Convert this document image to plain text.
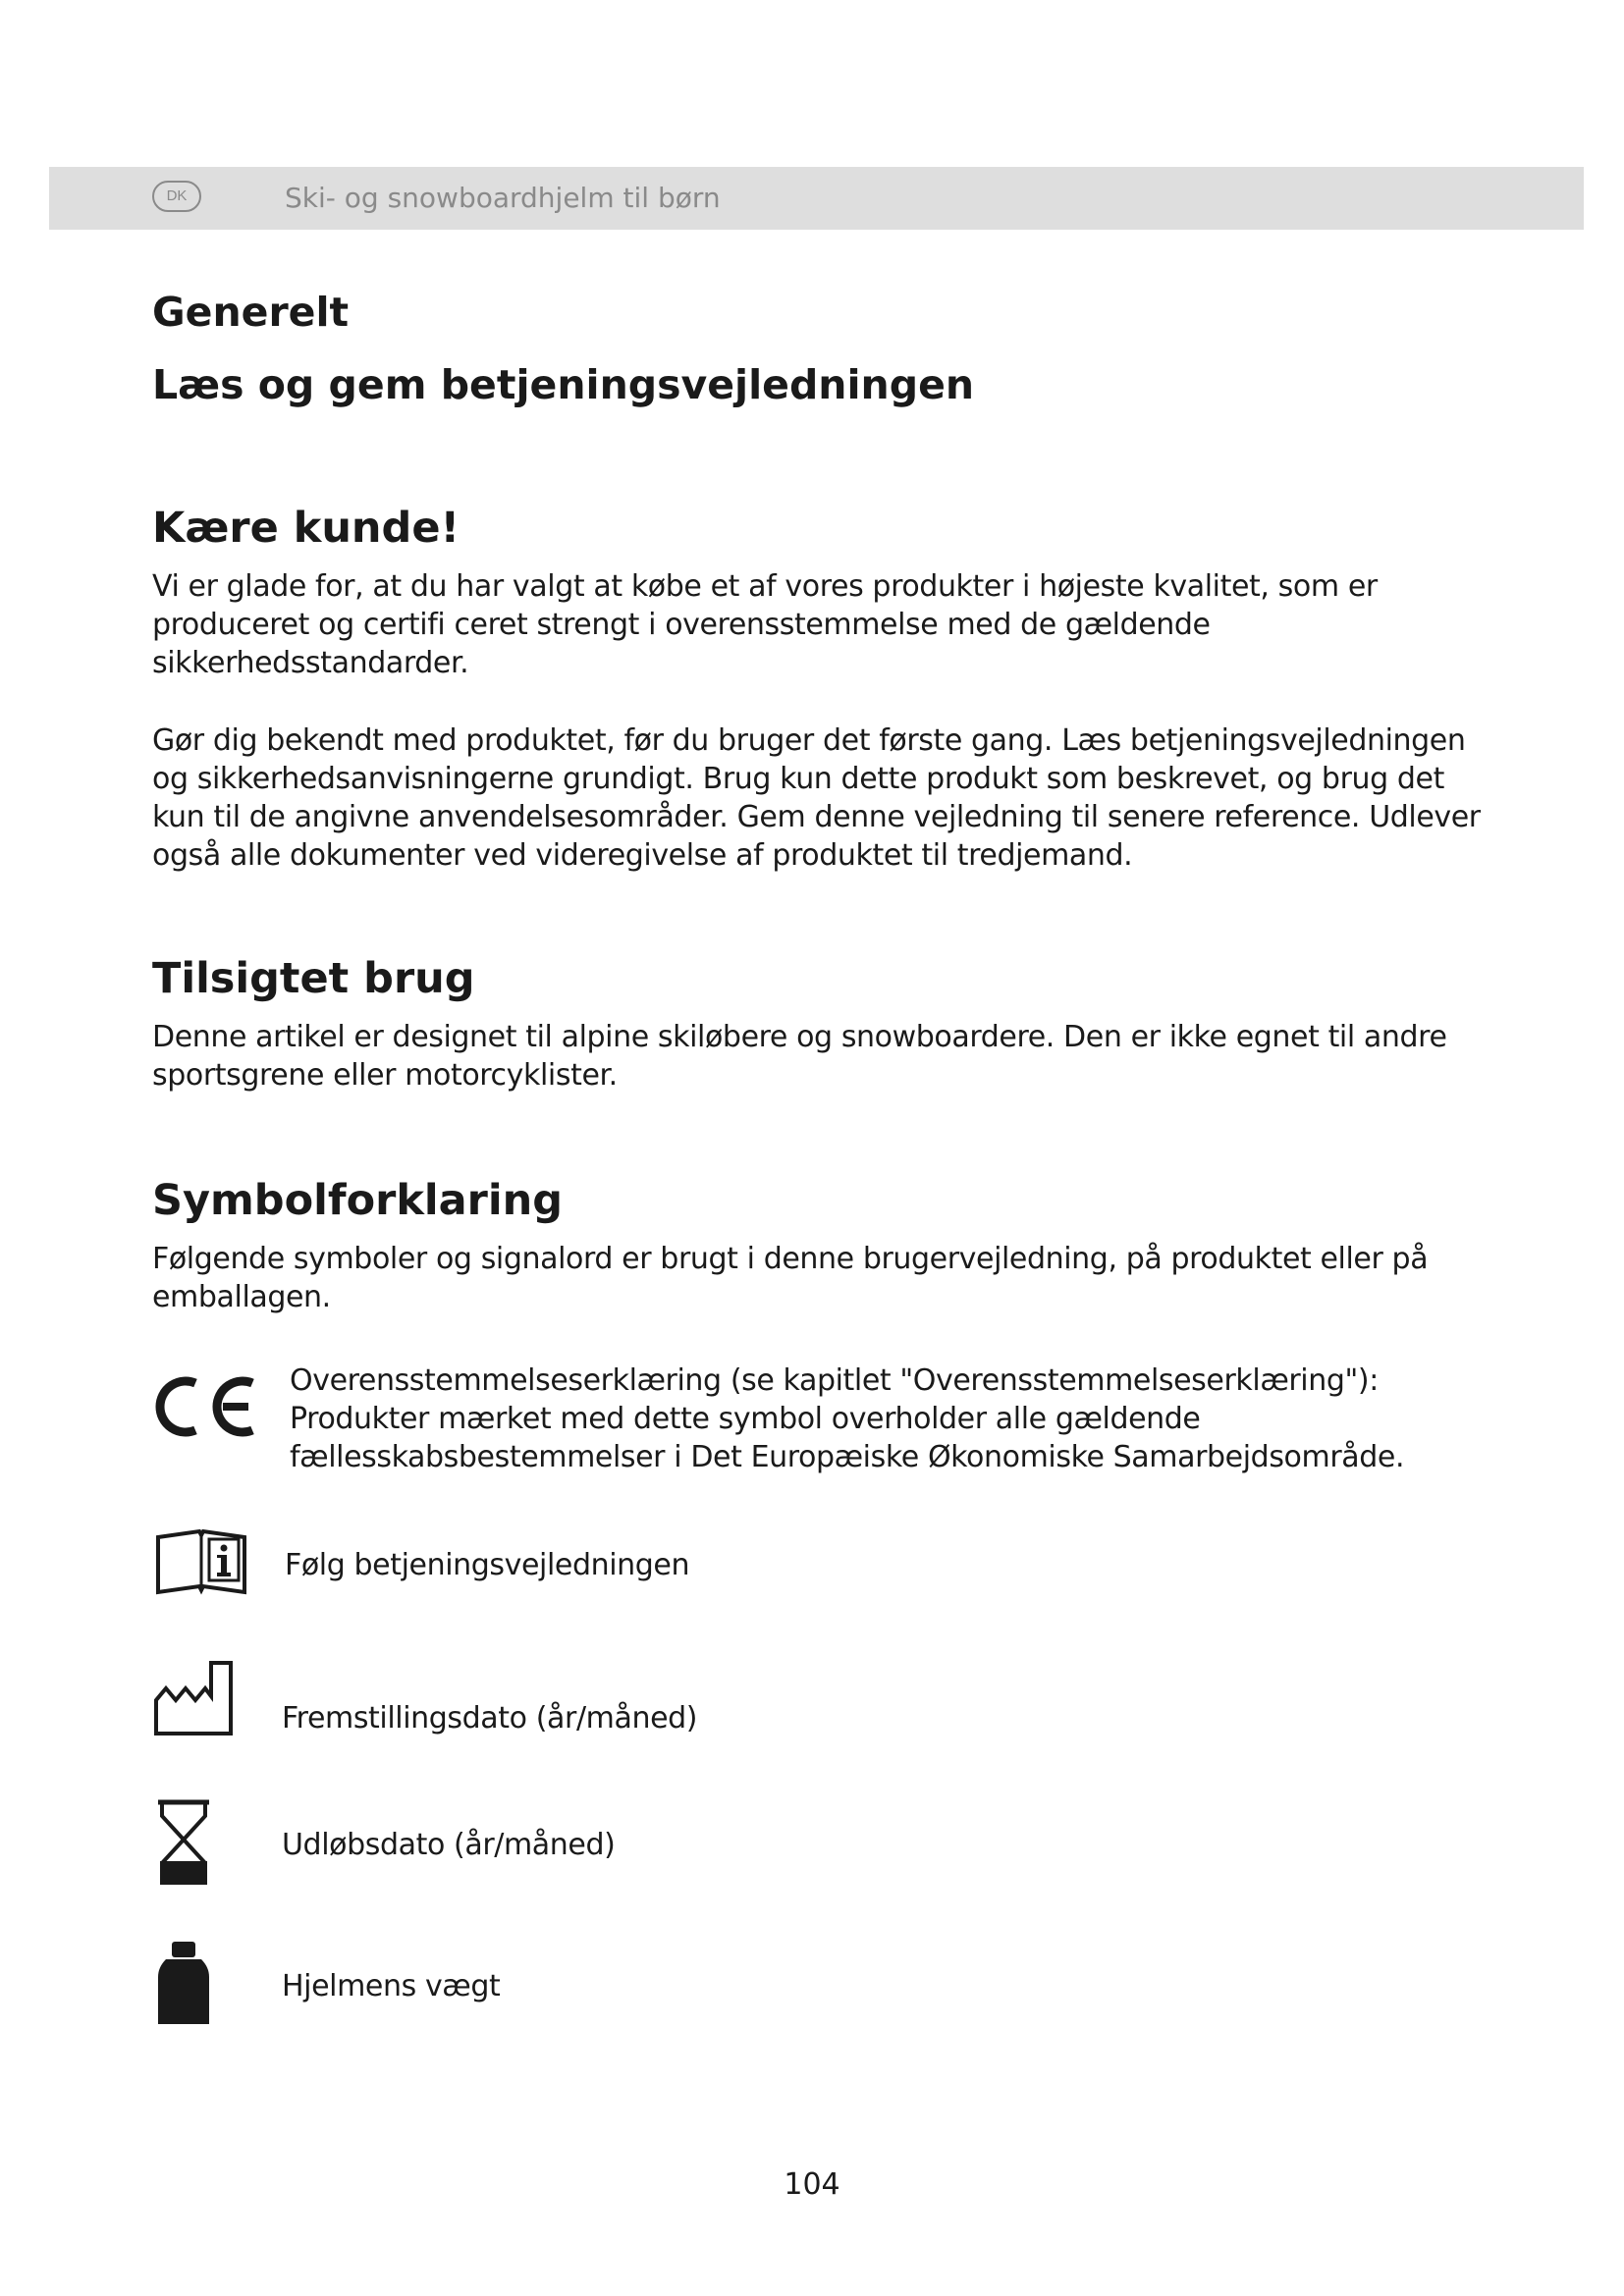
DK	Ski- og snowboardhjelm til børn
Generelt
Læs og gem betjeningsvejledningen
Kære kunde!

Vi er glade for, at du har valgt at købe et af vores produkter i højeste kvalitet, som er produceret og certifi ceret strengt i overensstemmelse med de gældende sikkerhedsstandarder.

Gør dig bekendt med produktet, før du bruger det første gang. Læs betjeningsvejledningen og sikkerhedsanvisningerne grundigt. Brug kun dette produkt som beskrevet, og brug det kun til de angivne anvendelsesområder. Gem denne vejledning til senere reference. Udlever også alle dokumenter ved videregivelse af produktet til tredjemand.

Tilsigtet brug

Denne artikel er designet til alpine skiløbere og snowboardere. Den er ikke egnet til andre sportsgrene eller motorcyklister.

Symbolforklaring

Følgende symboler og signalord er brugt i denne brugervejledning, på produktet eller på emballagen.

Overensstemmelseserklæring (se kapitlet "Overensstemmelseserklæring"): Produkter mærket med dette symbol overholder alle gældende fællesskabsbestemmelser i Det Europæiske Økonomiske Samarbejdsområde.
Følg betjeningsvejledningen
Fremstillingsdato (år/måned)
Udløbsdato (år/måned)
Hjelmens vægt
104
